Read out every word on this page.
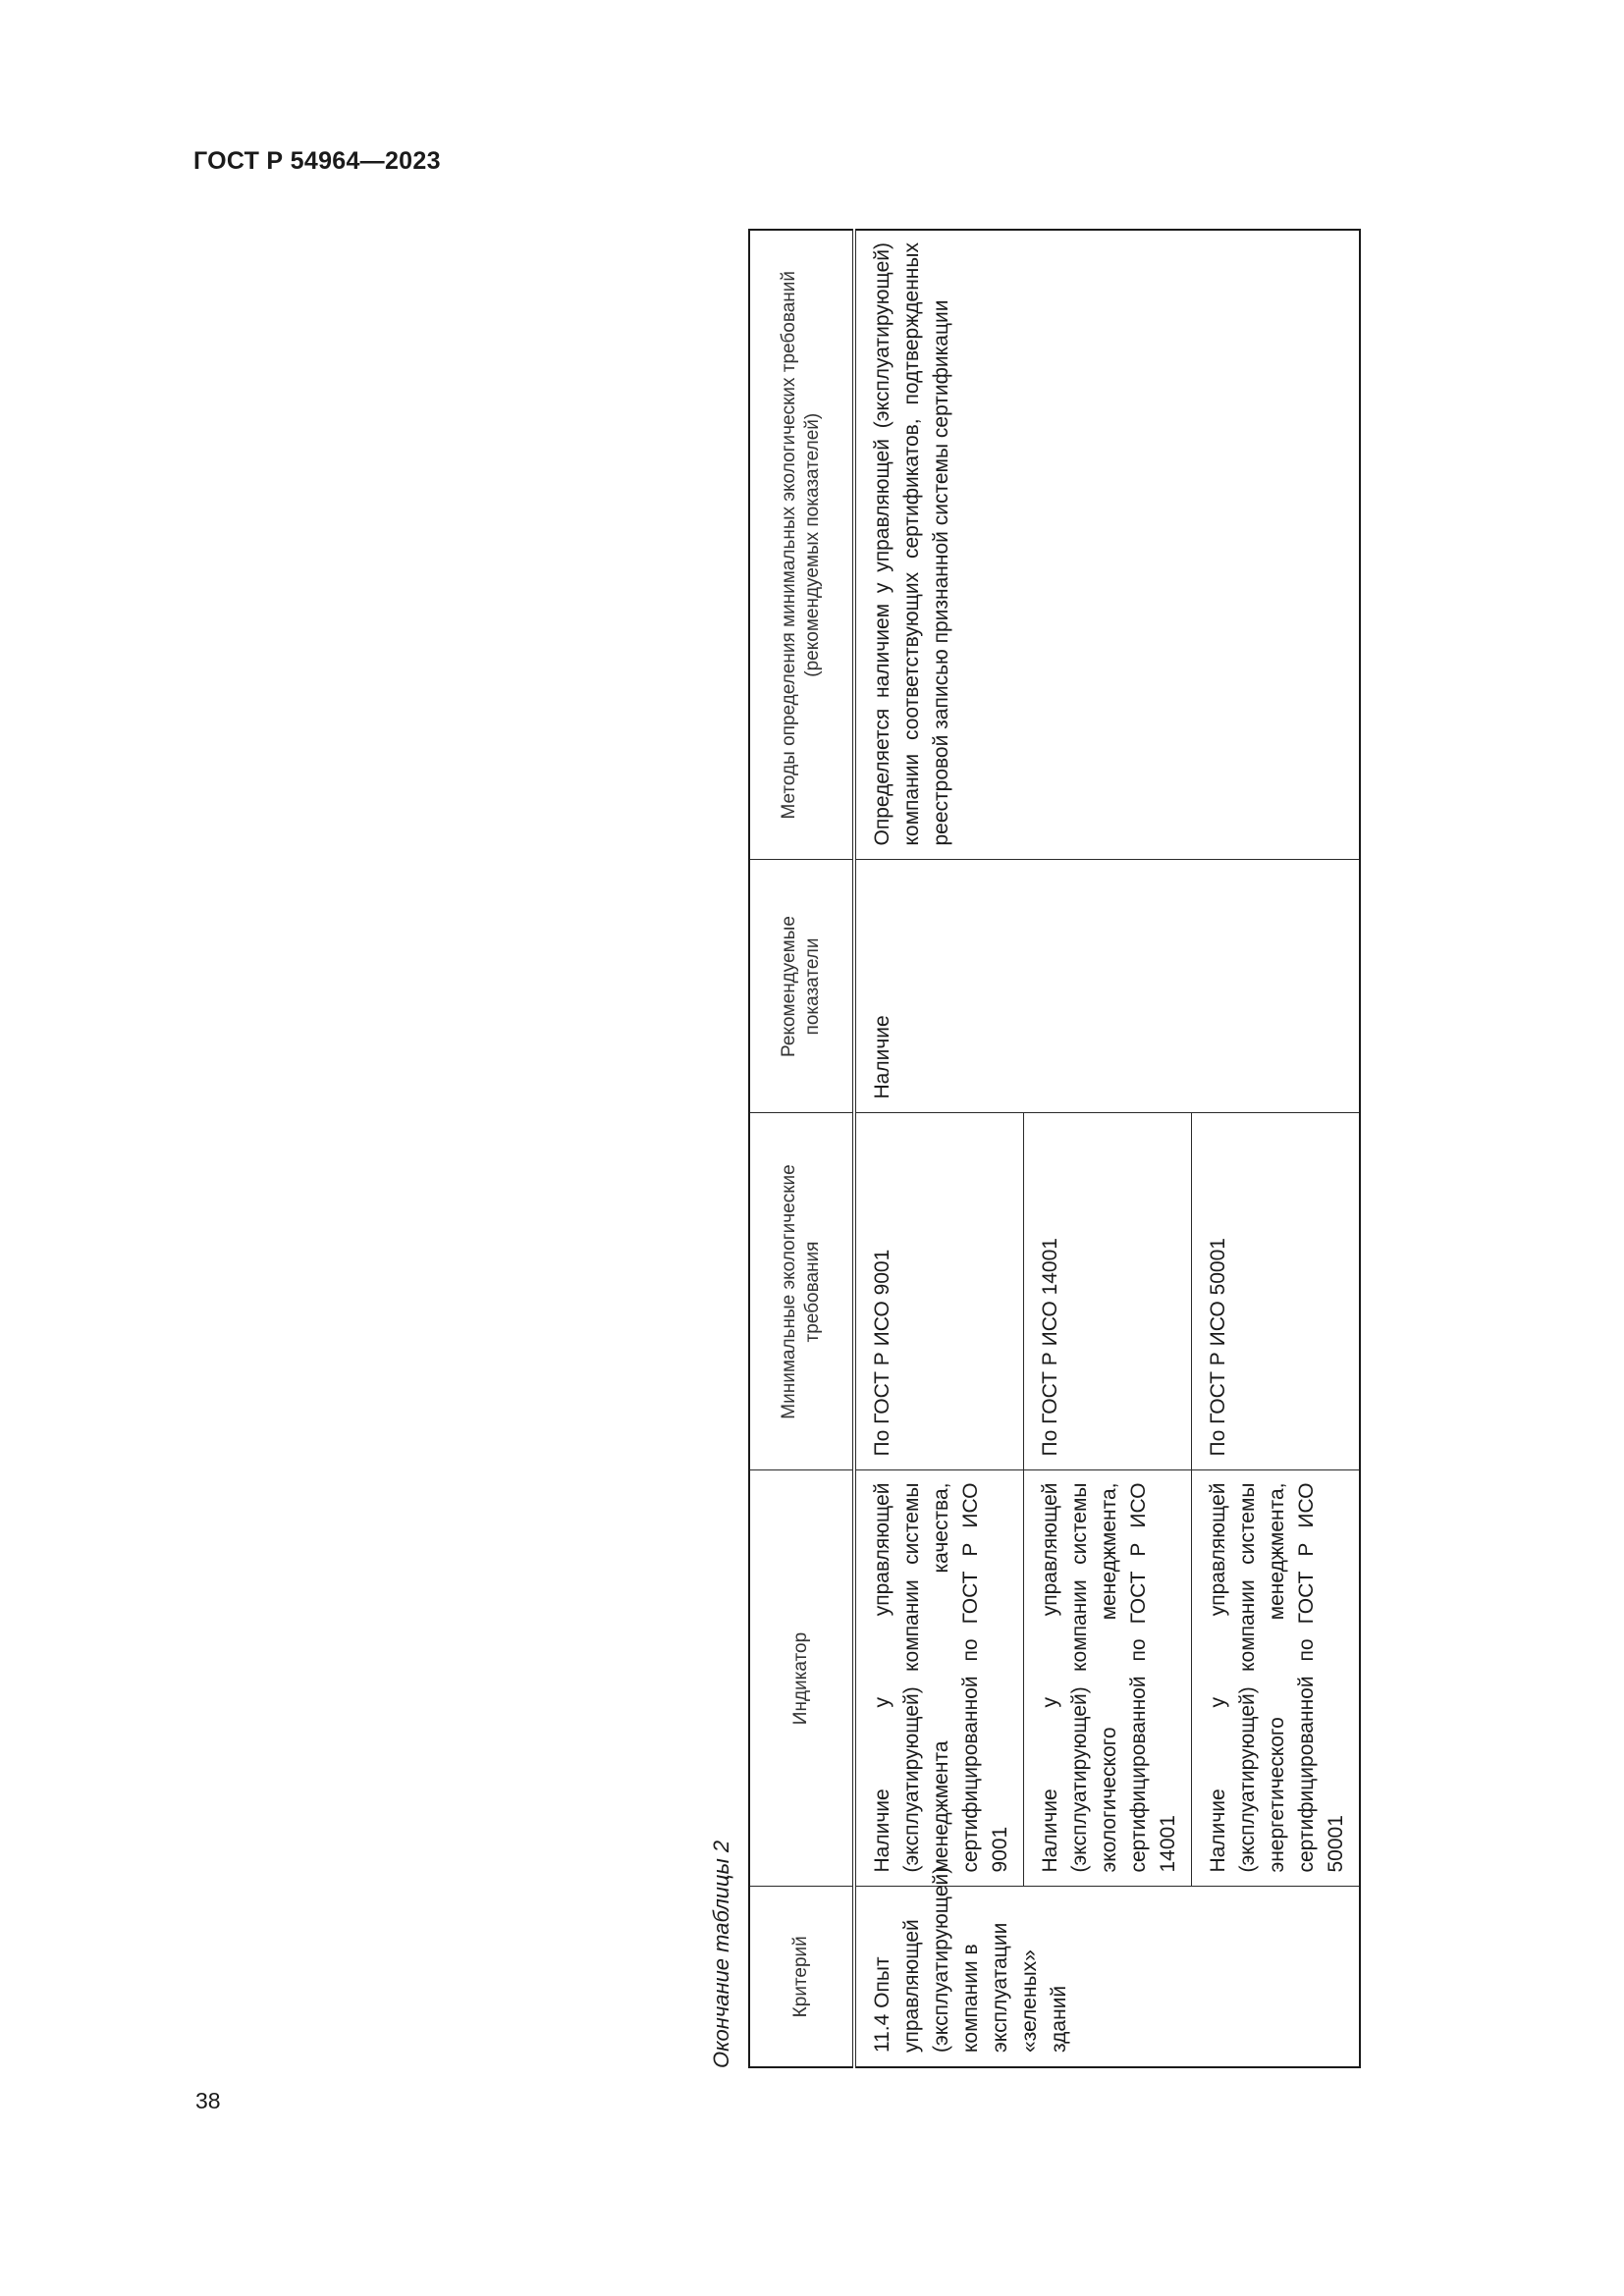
ГОСТ Р 54964—2023
38
Окончание таблицы 2	Критерий	Индикатор	Минимальные экологические требования	Рекомендуемые показатели	Методы определения минимальных экологических требований (рекомендуемых показателей)
11.4 Опыт управляющей (эксплуатирующей) компании в эксплуатации «зеленых» зданий	Наличие у управляющей (эксплуатирующей) компании системы менеджмента качества, сертифицированной по ГОСТ Р ИСО 9001	По ГОСТ Р ИСО 9001	Наличие	Определяется наличием у управляющей (эксплуатирующей) компании соответствующих сертификатов, подтвержденных реестровой записью признанной системы сертификации
	Наличие у управляющей (эксплуатирующей) компании системы экологического менеджмента, сертифицированной по ГОСТ Р ИСО 14001	По ГОСТ Р ИСО 14001		
	Наличие у управляющей (эксплуатирующей) компании системы энергетического менеджмента, сертифицированной по ГОСТ Р ИСО 50001	По ГОСТ Р ИСО 50001		
